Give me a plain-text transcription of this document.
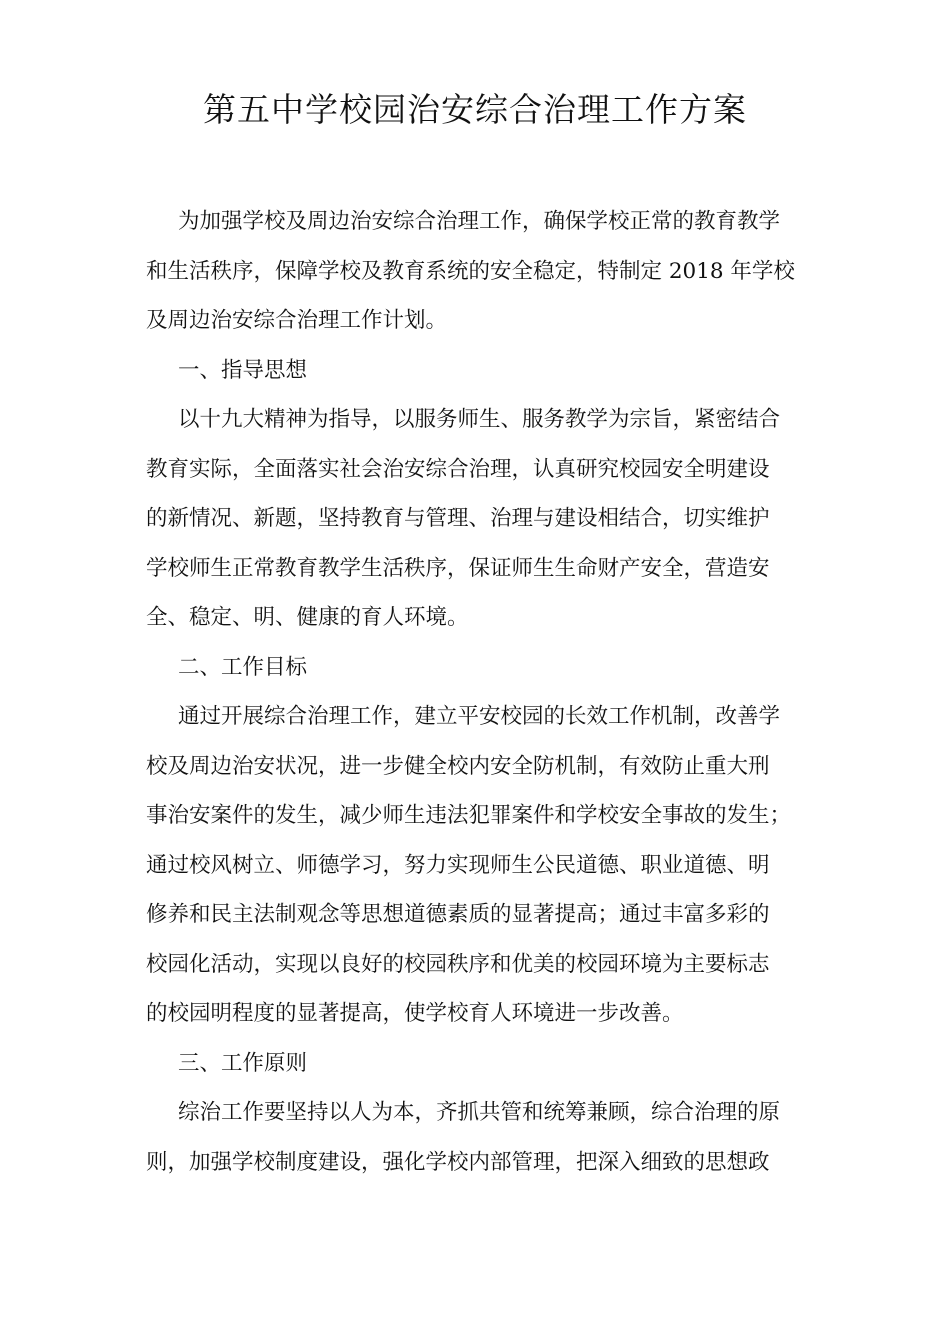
第五中学校园治安综合治理工作方案
为加强学校及周边治安综合治理工作，确保学校正常的教育教学
和生活秩序，保障学校及教育系统的安全稳定，特制定 2018 年学校
及周边治安综合治理工作计划。
一、指导思想
以十九大精神为指导，以服务师生、服务教学为宗旨，紧密结合
教育实际，全面落实社会治安综合治理，认真研究校园安全明建设
的新情况、新题，坚持教育与管理、治理与建设相结合，切实维护
学校师生正常教育教学生活秩序，保证师生生命财产安全，营造安
全、稳定、明、健康的育人环境。
二、工作目标
通过开展综合治理工作，建立平安校园的长效工作机制，改善学
校及周边治安状况，进一步健全校内安全防机制，有效防止重大刑
事治安案件的发生，减少师生违法犯罪案件和学校安全事故的发生；
通过校风树立、师德学习，努力实现师生公民道德、职业道德、明
修养和民主法制观念等思想道德素质的显著提高；通过丰富多彩的
校园化活动，实现以良好的校园秩序和优美的校园环境为主要标志
的校园明程度的显著提高，使学校育人环境进一步改善。
三、工作原则
综治工作要坚持以人为本，齐抓共管和统筹兼顾，综合治理的原
则，加强学校制度建设，强化学校内部管理，把深入细致的思想政
